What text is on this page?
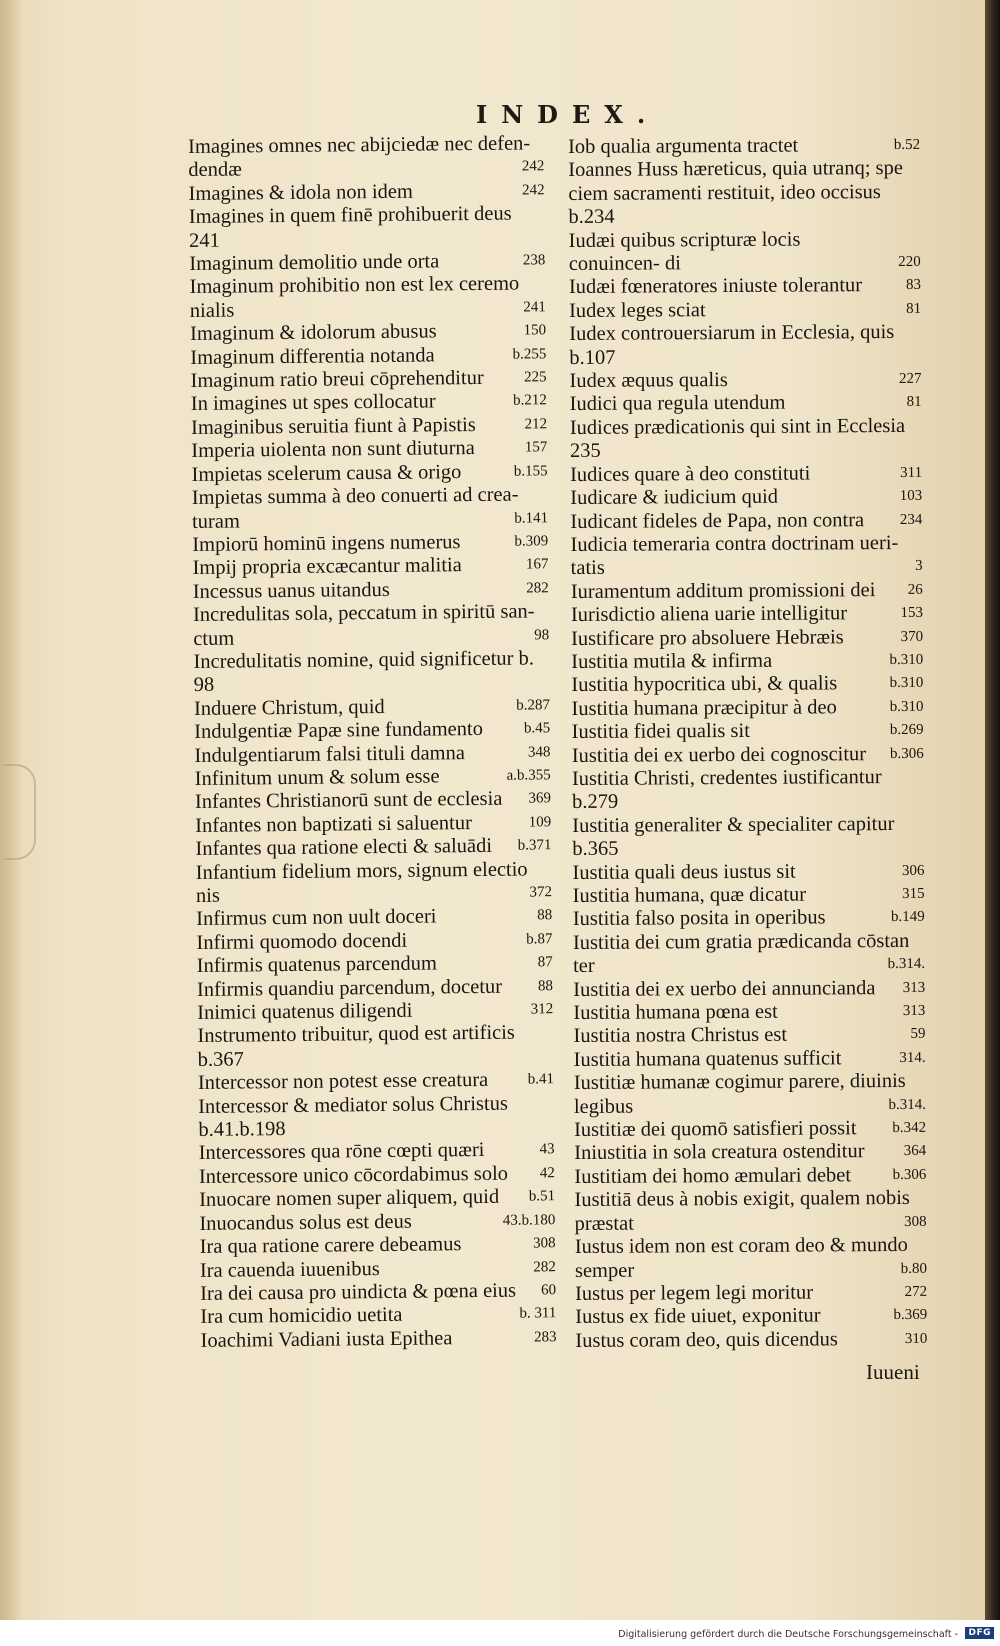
INDEX.
Imagines omnes nec abijciedæ nec defen- dendæ	242
Imagines & idola non idem	242
Imagines in quem finē prohibuerit deus 241
Imaginum demolitio unde orta	238
Imaginum prohibitio non est lex ceremo nialis	241
Imaginum & idolorum abusus	150
Imaginum differentia notanda	b.255
Imaginum ratio breui cōprehenditur	225
In imagines ut spes collocatur	b.212
Imaginibus seruitia fiunt à Papistis	212
Imperia uiolenta non sunt diuturna	157
Impietas scelerum causa & origo	b.155
Impietas summa à deo conuerti ad crea- turam	b.141
Impiorū hominū ingens numerus	b.309
Impij propria excæcantur malitia	167
Incessus uanus uitandus	282
Incredulitas sola, peccatum in spiritū san- ctum	98
Incredulitatis nomine, quid significetur b. 98
Induere Christum, quid	b.287
Indulgentiæ Papæ sine fundamento	b.45
Indulgentiarum falsi tituli damna	348
Infinitum unum & solum esse	a.b.355
Infantes Christianorū sunt de ecclesia 369
Infantes non baptizati si saluentur	109
Infantes qua ratione electi & saluādi b.371
Infantium fidelium mors, signum electio nis	372
Infirmus cum non uult doceri	88
Infirmi quomodo docendi	b.87
Infirmis quatenus parcendum	87
Infirmis quandiu parcendum, docetur 88
Inimici quatenus diligendi	312
Instrumento tribuitur, quod est artificis b.367
Intercessor non potest esse creatura	b.41
Intercessor & mediator solus Christus b.41.b.198
Intercessores qua rōne cœpti quæri	43
Intercessore unico cōcordabimus solo 42
Inuocare nomen super aliquem, quid b.51
Inuocandus solus est deus	43.b.180
Ira qua ratione carere debeamus	308
Ira cauenda iuuenibus	282
Ira dei causa pro uindicta & pœna eius 60
Ira cum homicidio uetita	b. 311
Ioachimi Vadiani iusta Epithea	283
Iob qualia argumenta tractet	b.52
Ioannes Huss hæreticus, quia utranq; spe ciem sacramenti restituit, ideo occisus b.234
Iudæi quibus scripturæ locis conuincen- di	220
Iudæi fœneratores iniuste tolerantur	83
Iudex leges sciat	81
Iudex controuersiarum in Ecclesia, quis b.107
Iudex æquus qualis	227
Iudici qua regula utendum	81
Iudices prædicationis qui sint in Ecclesia 235
Iudices quare à deo constituti	311
Iudicare & iudicium quid	103
Iudicant fideles de Papa, non contra 234
Iudicia temeraria contra doctrinam ueri- tatis	3
Iuramentum additum promissioni dei 26
Iurisdictio aliena uarie intelligitur	153
Iustificare pro absoluere Hebræis	370
Iustitia mutila & infirma	b.310
Iustitia hypocritica ubi, & qualis	b.310
Iustitia humana præcipitur à deo	b.310
Iustitia fidei qualis sit	b.269
Iustitia dei ex uerbo dei cognoscitur b.306
Iustitia Christi, credentes iustificantur b.279
Iustitia generaliter & specialiter capitur b.365
Iustitia quali deus iustus sit	306
Iustitia humana, quæ dicatur	315
Iustitia falso posita in operibus	b.149
Iustitia dei cum gratia prædicanda cōstan ter	b.314.
Iustitia dei ex uerbo dei annuncianda 313
Iustitia humana pœna est	313
Iustitia nostra Christus est	59
Iustitia humana quatenus sufficit	314.
Iustitiæ humanæ cogimur parere, diuinis legibus	b.314.
Iustitiæ dei quomō satisfieri possit b.342
Iniustitia in sola creatura ostenditur	364
Iustitiam dei homo æmulari debet	b.306
Iustitiā deus à nobis exigit, qualem nobis præstat	308
Iustus idem non est coram deo & mundo semper	b.80
Iustus per legem legi moritur	272
Iustus ex fide uiuet, exponitur	b.369
Iustus coram deo, quis dicendus	310
Iuueni
Digitalisierung gefördert durch die Deutsche Forschungsgemeinschaft -	DFG
